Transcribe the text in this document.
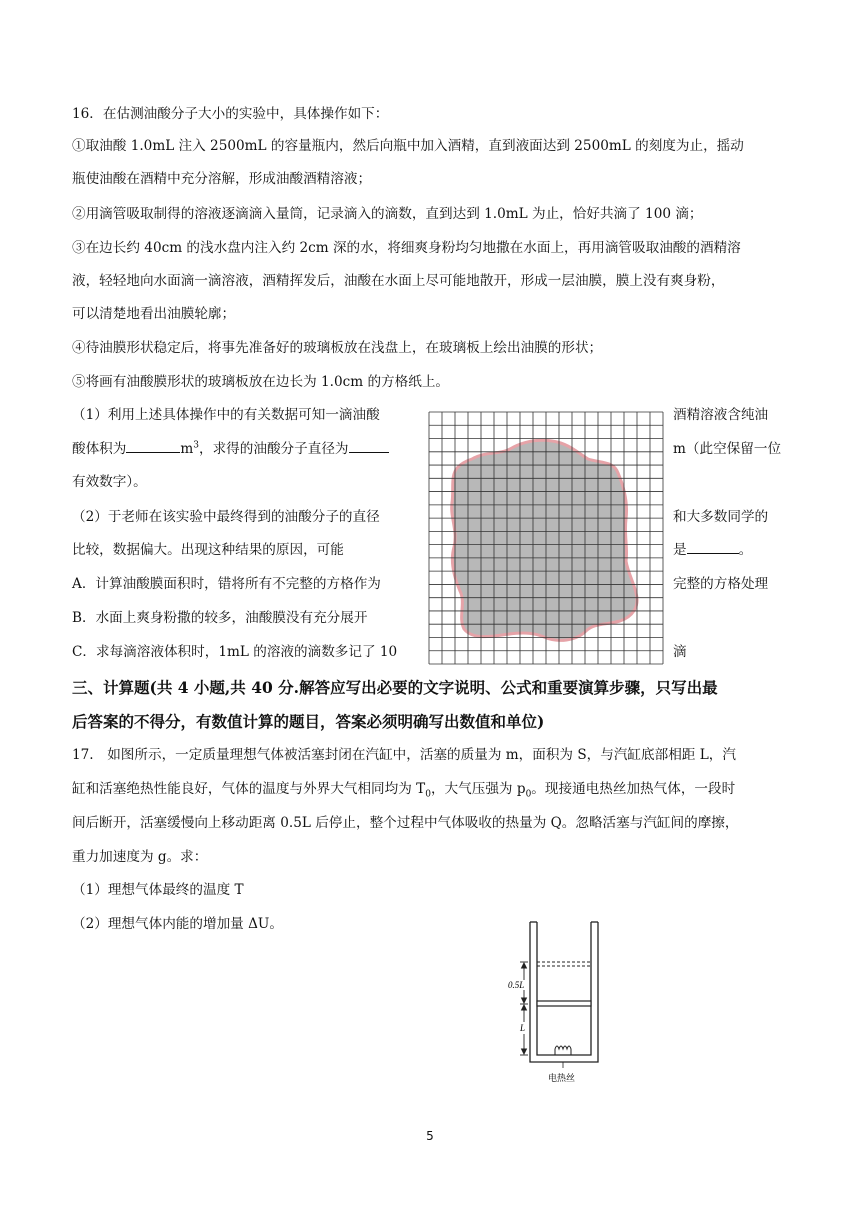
16．在估测油酸分子大小的实验中，具体操作如下：
①取油酸 1.0mL 注入 2500mL 的容量瓶内，然后向瓶中加入酒精，直到液面达到 2500mL 的刻度为止，摇动
瓶使油酸在酒精中充分溶解，形成油酸酒精溶液；
②用滴管吸取制得的溶液逐滴滴入量筒，记录滴入的滴数，直到达到 1.0mL 为止，恰好共滴了 100 滴；
③在边长约 40cm 的浅水盘内注入约 2cm 深的水，将细爽身粉均匀地撒在水面上，再用滴管吸取油酸的酒精溶
液，轻轻地向水面滴一滴溶液，酒精挥发后，油酸在水面上尽可能地散开，形成一层油膜，膜上没有爽身粉，
可以清楚地看出油膜轮廓；
④待油膜形状稳定后，将事先准备好的玻璃板放在浅盘上，在玻璃板上绘出油膜的形状；
⑤将画有油酸膜形状的玻璃板放在边长为 1.0cm 的方格纸上。
（1）利用上述具体操作中的有关数据可知一滴油酸	酒精溶液含纯油
酸体积为	$m^3$，求得的油酸分子直径为	m（此空保留一位
有效数字）。
（2）于老师在该实验中最终得到的油酸分子的直径	和大多数同学的
比较，数据偏大。出现这种结果的原因，可能	是	。
A．计算油酸膜面积时，错将所有不完整的方格作为	完整的方格处理
B．水面上爽身粉撒的较多，油酸膜没有充分展开
C．求每滴溶液体积时，1mL 的溶液的滴数多记了 10	滴
三、计算题(共 4 小题,共 40 分.解答应写出必要的文字说明、公式和重要演算步骤，只写出最
后答案的不得分，有数值计算的题目，答案必须明确写出数值和单位)
17.　如图所示，一定质量理想气体被活塞封闭在汽缸中，活塞的质量为 m，面积为 S，与汽缸底部相距 L，汽
缸和活塞绝热性能良好，气体的温度与外界大气相同均为 $T_0$，大气压强为 $p_0$。现接通电热丝加热气体，一段时
间后断开，活塞缓慢向上移动距离 0.5L 后停止，整个过程中气体吸收的热量为 Q。忽略活塞与汽缸间的摩擦，
重力加速度为 g。求：
（1）理想气体最终的温度 T
（2）理想气体内能的增加量 ΔU。
0.5L
L
电热丝
5
